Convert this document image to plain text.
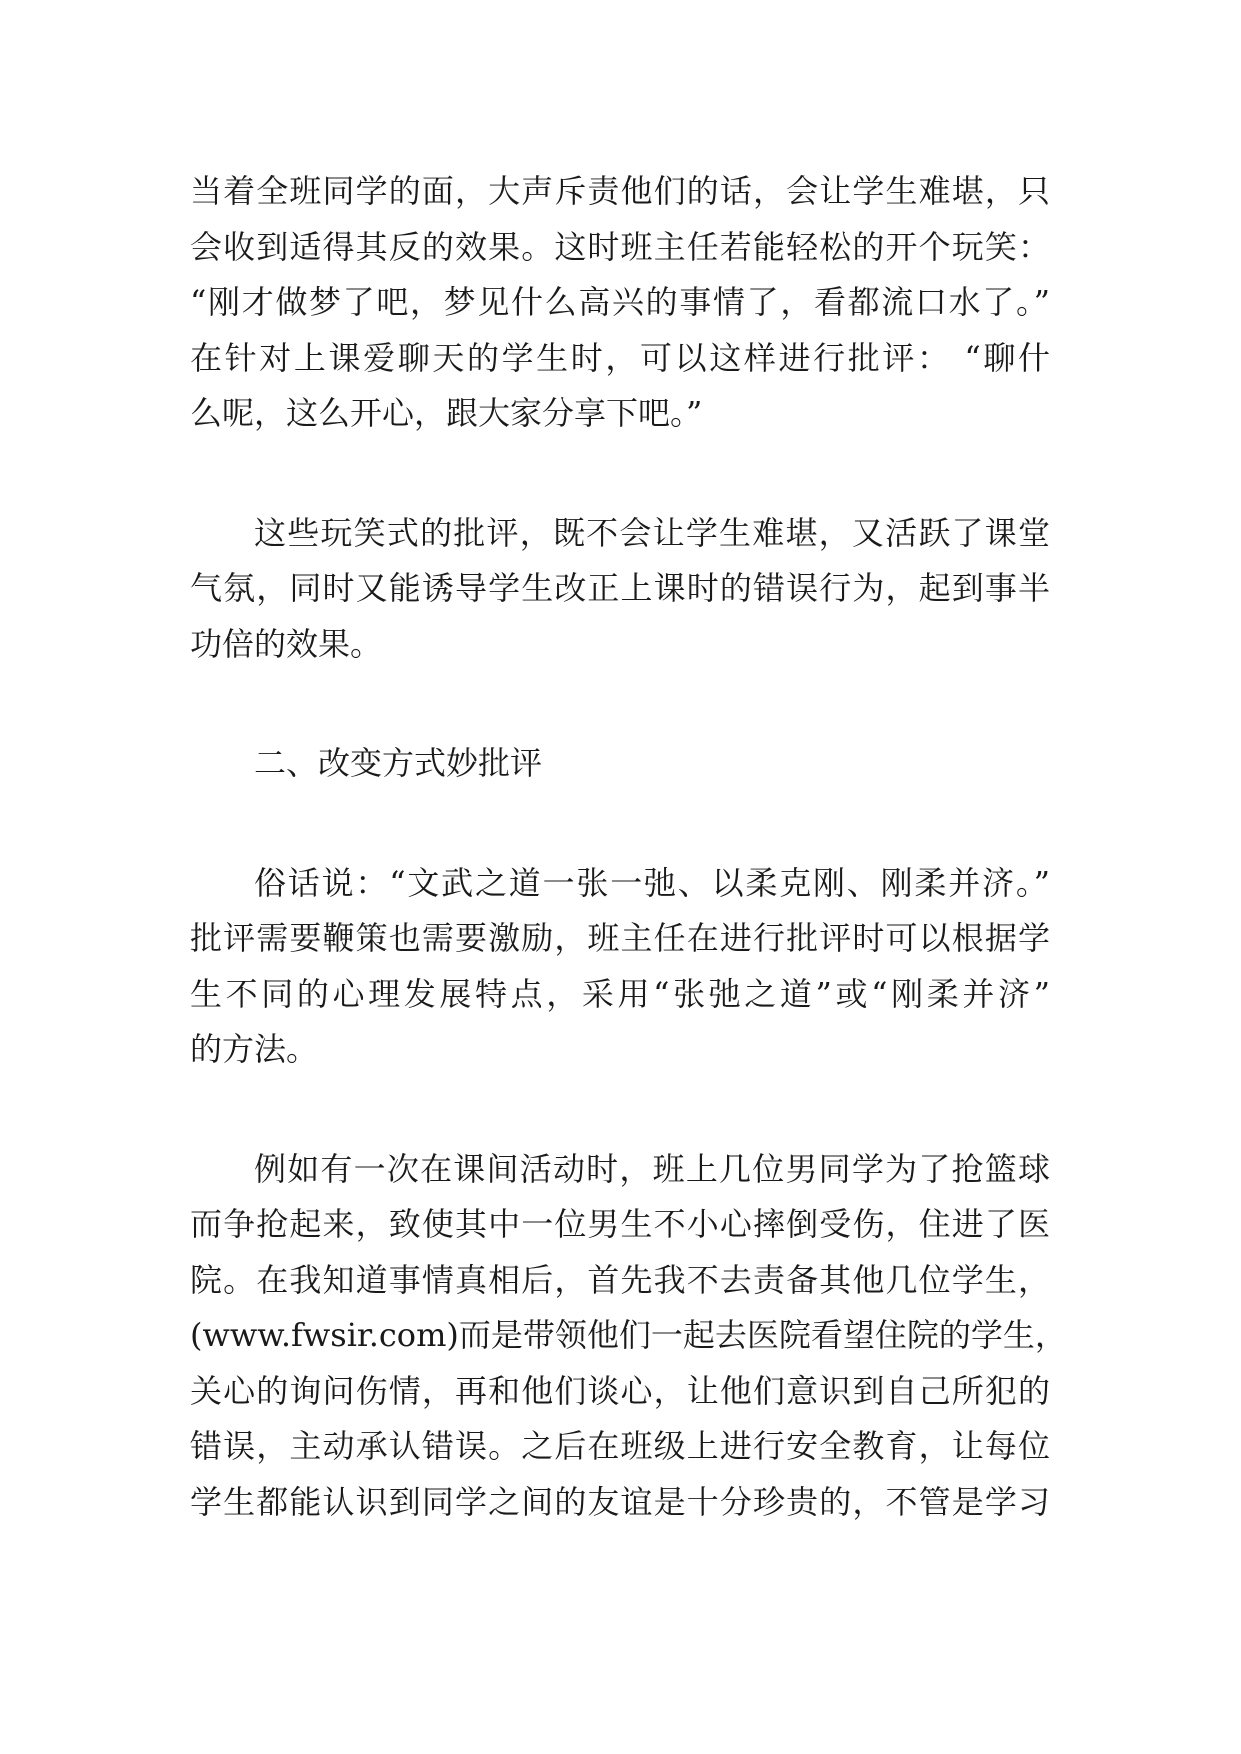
当着全班同学的面，大声斥责他们的话，会让学生难堪，只
会收到适得其反的效果。这时班主任若能轻松的开个玩笑：
“刚才做梦了吧，梦见什么高兴的事情了，看都流口水了。”
在针对上课爱聊天的学生时，可以这样进行批评： “聊什
么呢，这么开心，跟大家分享下吧。”
这些玩笑式的批评，既不会让学生难堪，又活跃了课堂
气氛，同时又能诱导学生改正上课时的错误行为，起到事半
功倍的效果。
二、改变方式妙批评
俗话说：“文武之道一张一弛、以柔克刚、刚柔并济。”
批评需要鞭策也需要激励，班主任在进行批评时可以根据学
生不同的心理发展特点，采用“张弛之道”或“刚柔并济”
的方法。
例如有一次在课间活动时，班上几位男同学为了抢篮球
而争抢起来，致使其中一位男生不小心摔倒受伤，住进了医
院。在我知道事情真相后，首先我不去责备其他几位学生，
(www.fwsir.com)而是带领他们一起去医院看望住院的学生，
关心的询问伤情，再和他们谈心，让他们意识到自己所犯的
错误，主动承认错误。之后在班级上进行安全教育，让每位
学生都能认识到同学之间的友谊是十分珍贵的，不管是学习
